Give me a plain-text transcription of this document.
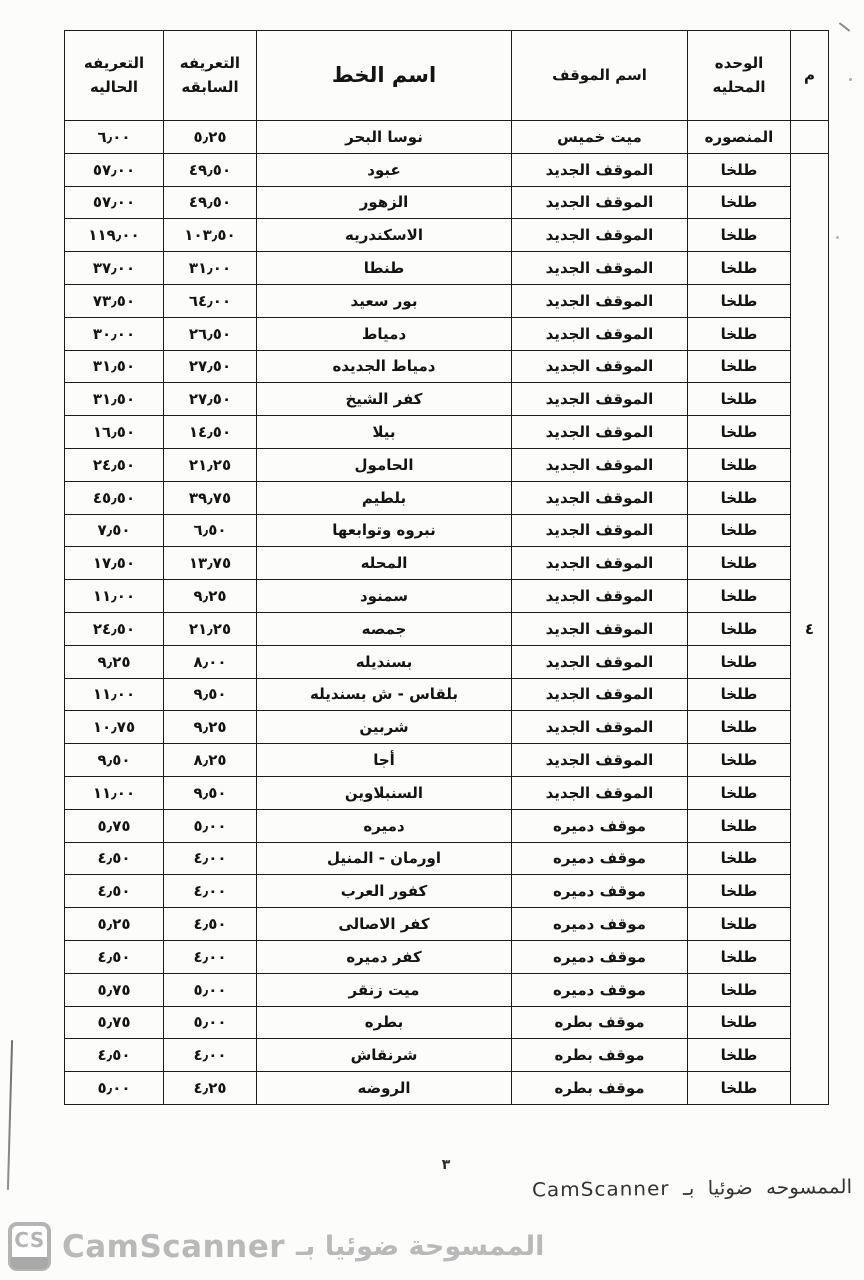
م	الوحده المحليه	اسم الموقف	اسم الخط	التعريفه السابقه	التعريفه الحاليه
	المنصوره	ميت خميس	نوسا البحر	٥٫٢٥	٦٫٠٠
٤	طلخا	الموقف الجديد	عبود	٤٩٫٥٠	٥٧٫٠٠
	طلخا	الموقف الجديد	الزهور	٤٩٫٥٠	٥٧٫٠٠
	طلخا	الموقف الجديد	الاسكندريه	١٠٣٫٥٠	١١٩٫٠٠
	طلخا	الموقف الجديد	طنطا	٣١٫٠٠	٣٧٫٠٠
	طلخا	الموقف الجديد	بور سعيد	٦٤٫٠٠	٧٣٫٥٠
	طلخا	الموقف الجديد	دمياط	٢٦٫٥٠	٣٠٫٠٠
	طلخا	الموقف الجديد	دمياط الجديده	٢٧٫٥٠	٣١٫٥٠
	طلخا	الموقف الجديد	كفر الشيخ	٢٧٫٥٠	٣١٫٥٠
	طلخا	الموقف الجديد	بيلا	١٤٫٥٠	١٦٫٥٠
	طلخا	الموقف الجديد	الحامول	٢١٫٢٥	٢٤٫٥٠
	طلخا	الموقف الجديد	بلطيم	٣٩٫٧٥	٤٥٫٥٠
	طلخا	الموقف الجديد	نبروه وتوابعها	٦٫٥٠	٧٫٥٠
	طلخا	الموقف الجديد	المحله	١٣٫٧٥	١٧٫٥٠
	طلخا	الموقف الجديد	سمنود	٩٫٢٥	١١٫٠٠
	طلخا	الموقف الجديد	جمصه	٢١٫٢٥	٢٤٫٥٠
	طلخا	الموقف الجديد	بسنديله	٨٫٠٠	٩٫٢٥
	طلخا	الموقف الجديد	بلقاس - ش بسنديله	٩٫٥٠	١١٫٠٠
	طلخا	الموقف الجديد	شربين	٩٫٢٥	١٠٫٧٥
	طلخا	الموقف الجديد	أجا	٨٫٢٥	٩٫٥٠
	طلخا	الموقف الجديد	السنبلاوين	٩٫٥٠	١١٫٠٠
	طلخا	موقف دميره	دميره	٥٫٠٠	٥٫٧٥
	طلخا	موقف دميره	اورمان - المنيل	٤٫٠٠	٤٫٥٠
	طلخا	موقف دميره	كفور العرب	٤٫٠٠	٤٫٥٠
	طلخا	موقف دميره	كفر الاصالى	٤٫٥٠	٥٫٢٥
	طلخا	موقف دميره	كفر دميره	٤٫٠٠	٤٫٥٠
	طلخا	موقف دميره	ميت زنقر	٥٫٠٠	٥٫٧٥
	طلخا	موقف بطره	بطره	٥٫٠٠	٥٫٧٥
	طلخا	موقف بطره	شرنقاش	٤٫٠٠	٤٫٥٠
	طلخا	موقف بطره	الروضه	٤٫٢٥	٥٫٠٠
٣
الممسوحه ضوئيا بـ CamScanner
CS CamScanner الممسوحة ضوئيا بـ
